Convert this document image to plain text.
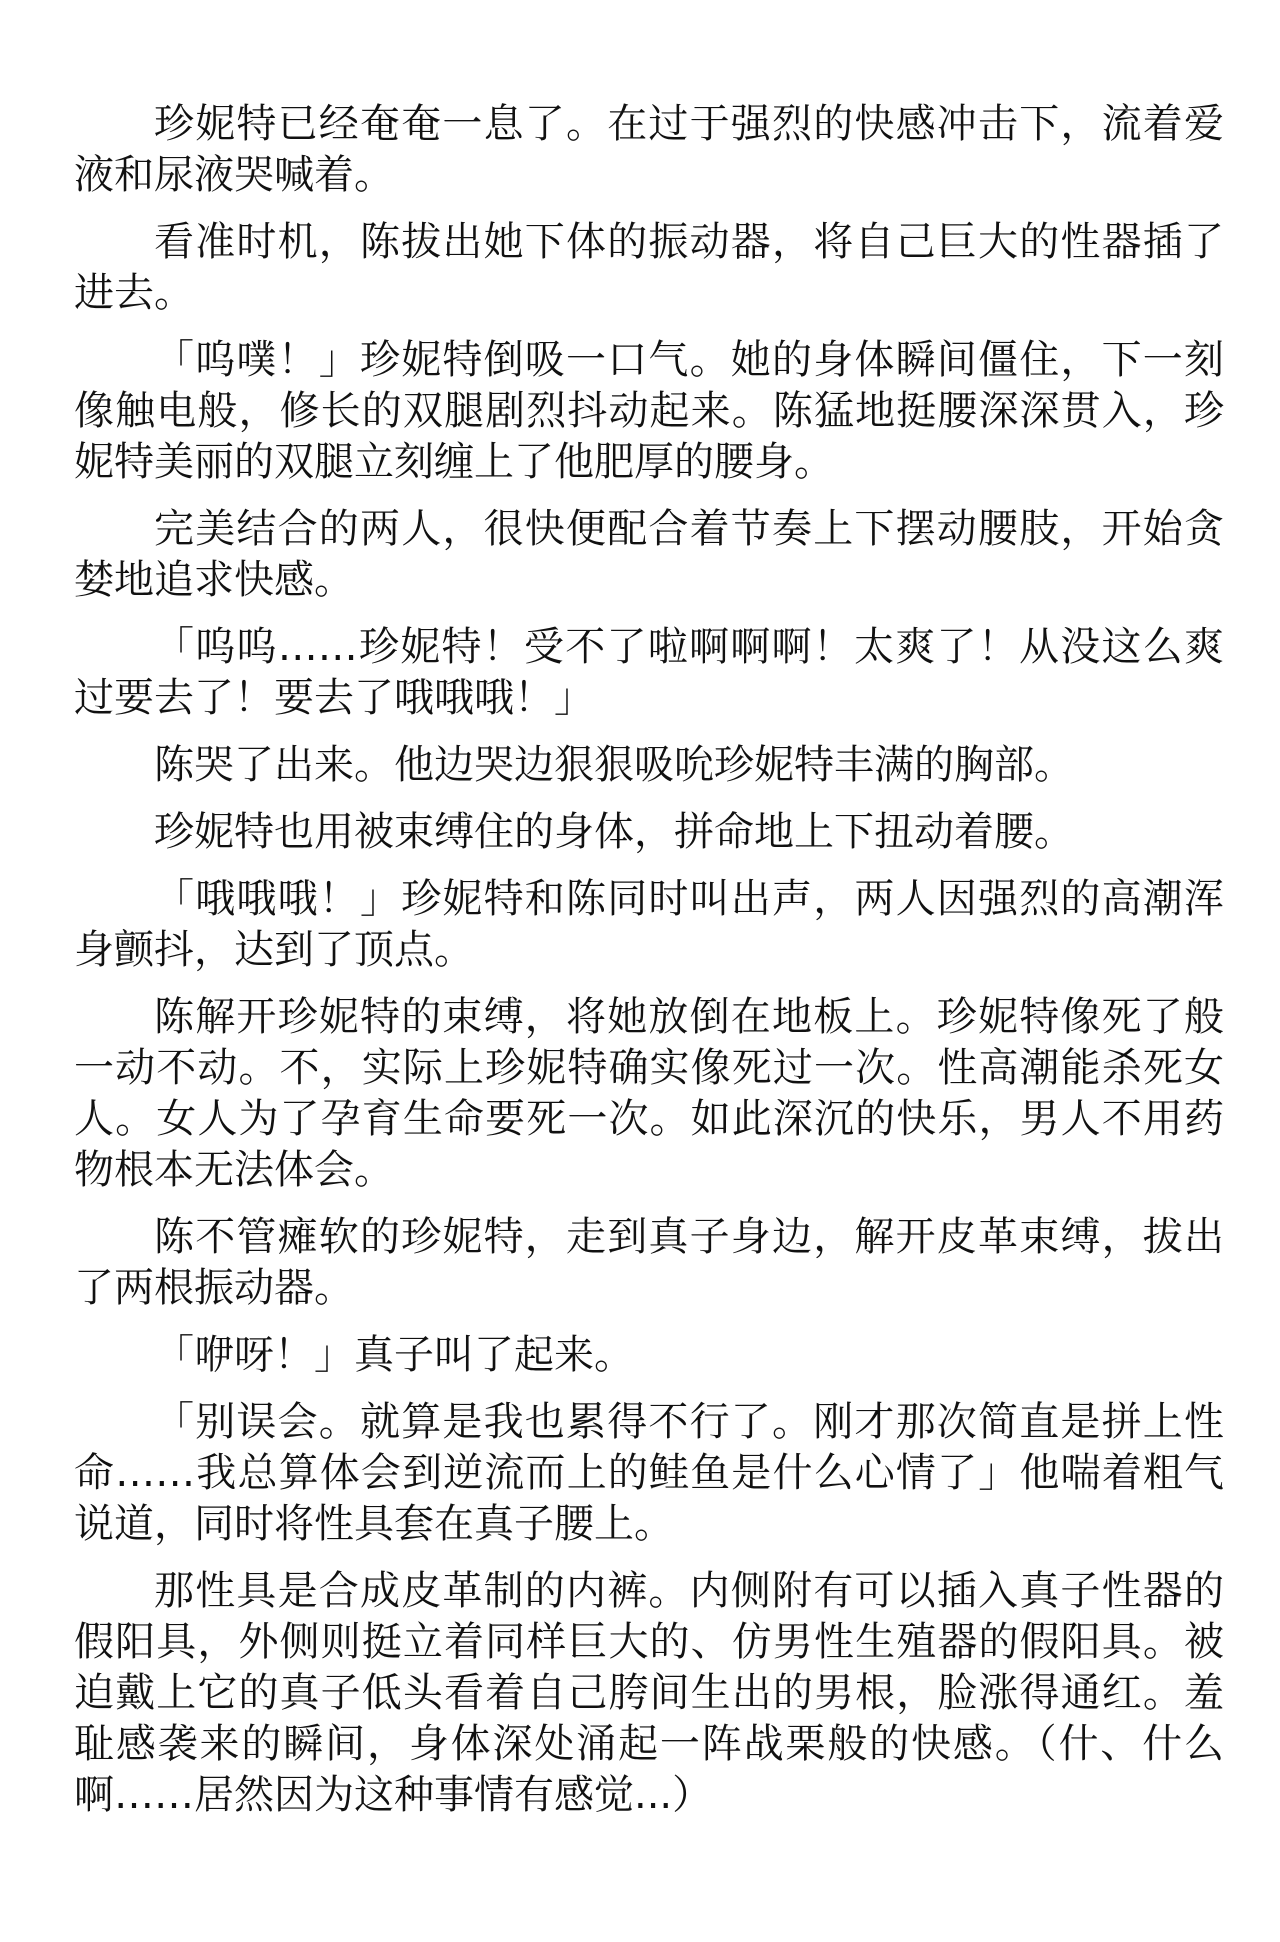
珍妮特已经奄奄一息了。在过于强烈的快感冲击下，流着爱液和尿液哭喊着。

看准时机，陈拔出她下体的振动器，将自己巨大的性器插了进去。

「呜噗！」珍妮特倒吸一口气。她的身体瞬间僵住，下一刻像触电般，修长的双腿剧烈抖动起来。陈猛地挺腰深深贯入，珍妮特美丽的双腿立刻缠上了他肥厚的腰身。

完美结合的两人，很快便配合着节奏上下摆动腰肢，开始贪婪地追求快感。

「呜呜……珍妮特！受不了啦啊啊啊！太爽了！从没这么爽过要去了！要去了哦哦哦！」

陈哭了出来。他边哭边狠狠吸吮珍妮特丰满的胸部。

珍妮特也用被束缚住的身体，拼命地上下扭动着腰。

「哦哦哦！」珍妮特和陈同时叫出声，两人因强烈的高潮浑身颤抖，达到了顶点。

陈解开珍妮特的束缚，将她放倒在地板上。珍妮特像死了般一动不动。不，实际上珍妮特确实像死过一次。性高潮能杀死女人。女人为了孕育生命要死一次。如此深沉的快乐，男人不用药物根本无法体会。

陈不管瘫软的珍妮特，走到真子身边，解开皮革束缚，拔出了两根振动器。

「咿呀！」真子叫了起来。

「别误会。就算是我也累得不行了。刚才那次简直是拼上性命……我总算体会到逆流而上的鲑鱼是什么心情了」他喘着粗气说道，同时将性具套在真子腰上。

那性具是合成皮革制的内裤。内侧附有可以插入真子性器的假阳具，外侧则挺立着同样巨大的、仿男性生殖器的假阳具。被迫戴上它的真子低头看着自己胯间生出的男根，脸涨得通红。羞耻感袭来的瞬间，身体深处涌起一阵战栗般的快感。（什、什么啊……居然因为这种事情有感觉...）
